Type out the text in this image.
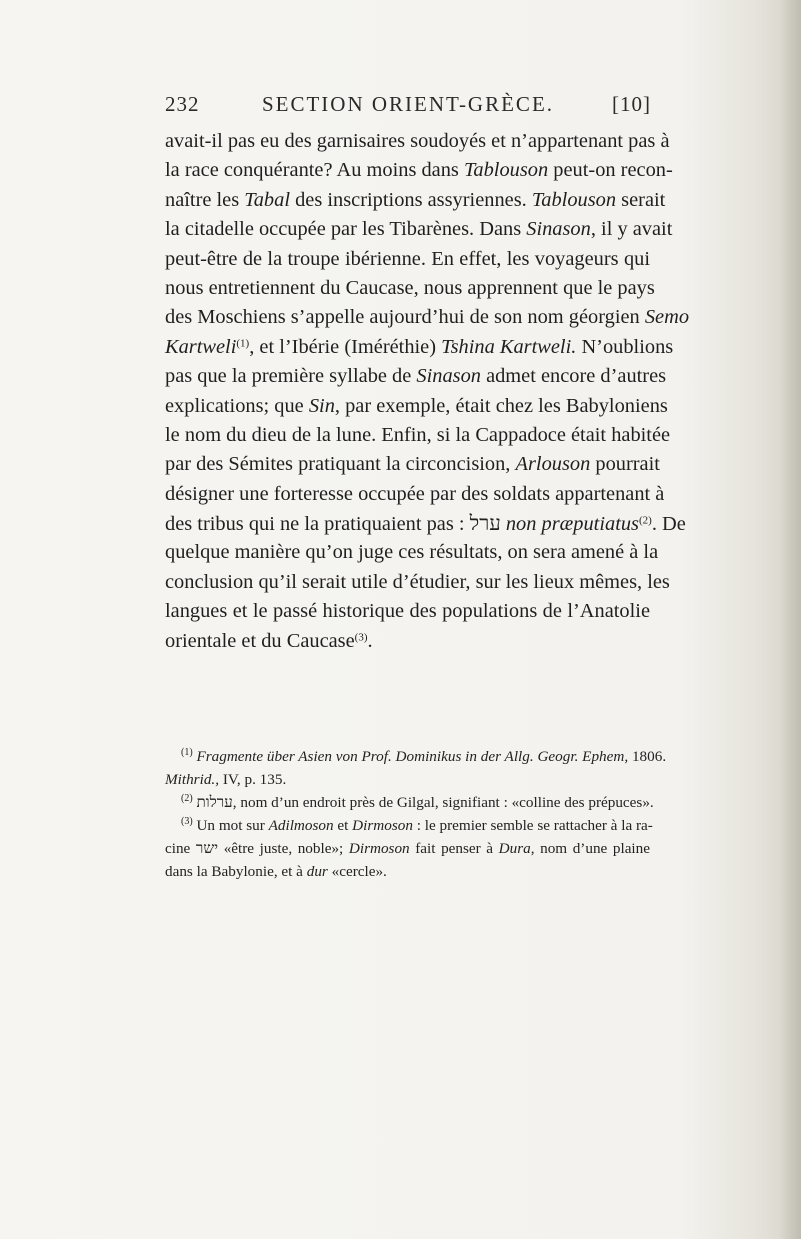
232	SECTION ORIENT-GRÈCE.	[10]
avait-il pas eu des garnisaires soudoyés et n’appartenant pas à
la race conquérante? Au moins dans Tablouson peut-on recon-
naître les Tabal des inscriptions assyriennes. Tablouson serait
la citadelle occupée par les Tibarènes. Dans Sinason, il y avait
peut-être de la troupe ibérienne. En effet, les voyageurs qui
nous entretiennent du Caucase, nous apprennent que le pays
des Moschiens s’appelle aujourd’hui de son nom géorgien Semo
Kartweli$^{(1)}$, et l’Ibérie (Iméréthie) Tshina Kartweli. N’oublions
pas que la première syllabe de Sinason admet encore d’autres
explications; que Sin, par exemple, était chez les Babyloniens
le nom du dieu de la lune. Enfin, si la Cappadoce était habitée
par des Sémites pratiquant la circoncision, Arlouson pourrait
désigner une forteresse occupée par des soldats appartenant à
des tribus qui ne la pratiquaient pas : ערל non præputiatus$^{(2)}$. De
quelque manière qu’on juge ces résultats, on sera amené à la
conclusion qu’il serait utile d’étudier, sur les lieux mêmes, les
langues et le passé historique des populations de l’Anatolie
orientale et du Caucase$^{(3)}$.
$^{(1)}$ Fragmente über Asien von Prof. Dominikus in der Allg. Geogr. Ephem, 1806.
Mithrid., IV, p. 135.
$^{(2)}$ ערלות, nom d’un endroit près de Gilgal, signifiant : «colline des prépuces».
$^{(3)}$ Un mot sur Adilmoson et Dirmoson : le premier semble se rattacher à la ra-
cine ישר «être juste, noble»; Dirmoson fait penser à Dura, nom d’une plaine
dans la Babylonie, et à dur «cercle».
